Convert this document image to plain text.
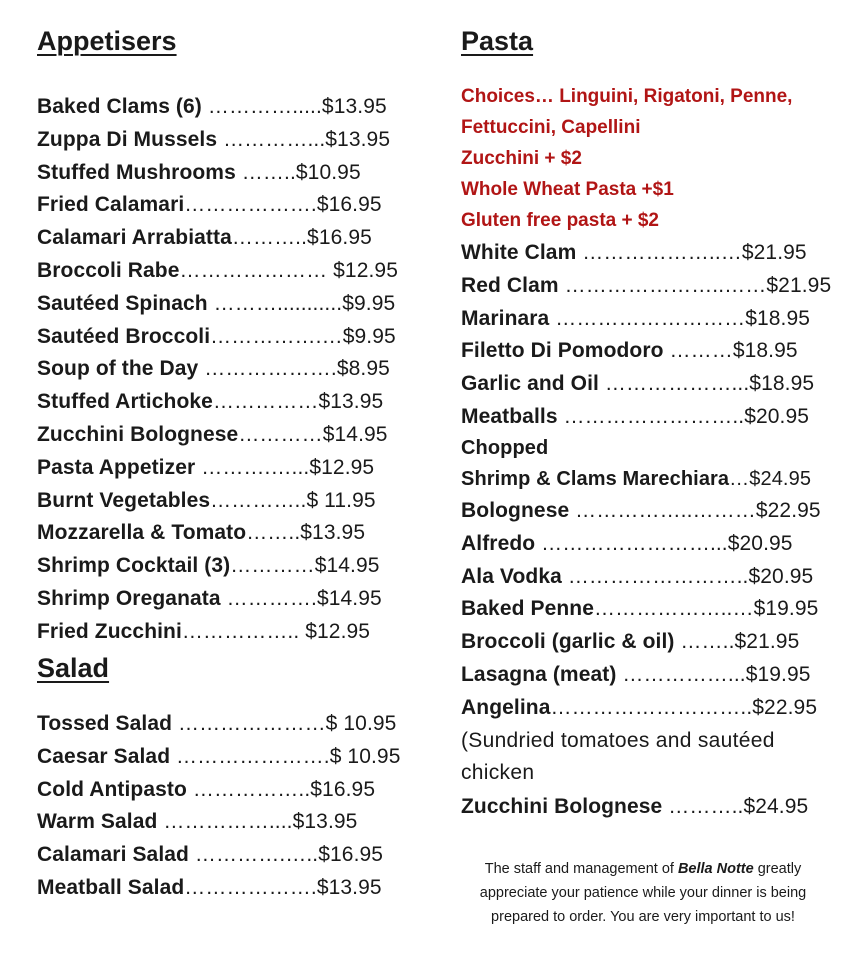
Appetisers
Baked Clams (6) ………….....$13.95
Zuppa Di Mussels …………...$13.95
Stuffed Mushrooms ……..$10.95
Fried Calamari……………….$16.95
Calamari Arrabiatta………..$16.95
Broccoli Rabe………………… $12.95
Sautéed Spinach ………...........$9.95
Sautéed Broccoli…………….…$9.95
Soup of the Day ……………….$8.95
Stuffed Artichoke……………$13.95
Zucchini Bolognese…………$14.95
Pasta Appetizer ……….…...$12.95
Burnt Vegetables…………..$ 11.95
Mozzarella & Tomato……..$13.95
Shrimp Cocktail (3)…………$14.95
Shrimp Oreganata ………….$14.95
Fried Zucchini…………….. $12.95
Salad
Tossed Salad …………………$ 10.95
Caesar Salad ………………….$ 10.95
Cold Antipasto ……………..$16.95
Warm Salad ……………....$13.95
Calamari Salad ………….…..$16.95
Meatball Salad……………….$13.95
Pasta
Choices… Linguini, Rigatoni, Penne,
Fettuccini, Capellini
Zucchini + $2
Whole Wheat Pasta +$1
Gluten free pasta + $2
White Clam ………………..…$21.95
Red Clam …………………..……$21.95
Marinara ………………………$18.95
Filetto Di Pomodoro ………$18.95
Garlic and Oil ………………...$18.95
Meatballs ……………………..$20.95
Chopped
Shrimp & Clams Marechiara…$24.95
Bolognese ……………..………$22.95
Alfredo ……………………...$20.95
Ala Vodka ……………………..$20.95
Baked Penne………………..…$19.95
Broccoli (garlic & oil) ……..$21.95
Lasagna (meat) ……………...$19.95
Angelina………………………..$22.95
(Sundried tomatoes and sautéed
chicken
Zucchini Bolognese ………..$24.95
The staff and management of Bella Notte greatly appreciate your patience while your dinner is being prepared to order. You are very important to us!
